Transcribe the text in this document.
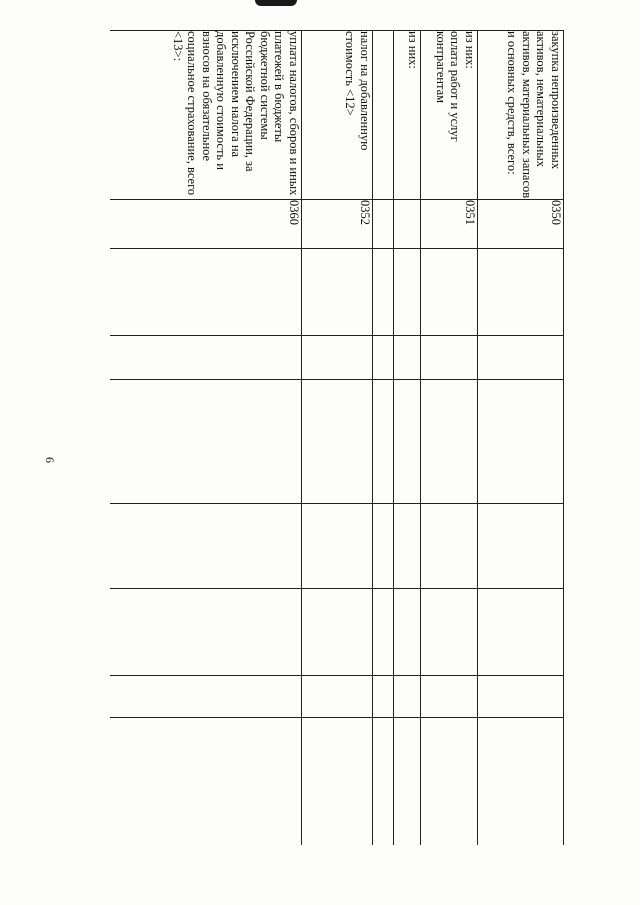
6
закупка непроизведенных активов, нематериальных активов, материальных запасов и основных средств, всего:	0350							

из них:
оплата работ и услуг контрагентам	0351							
из них:								

налог на добавленную стоимость <12>	0352							
уплата налогов, сборов и иных платежей в бюджеты бюджетной системы Российской Федерации, за исключением налога на добавленную стоимость и взносов на обязательное социальное страхование, всего <13>:	0360							
